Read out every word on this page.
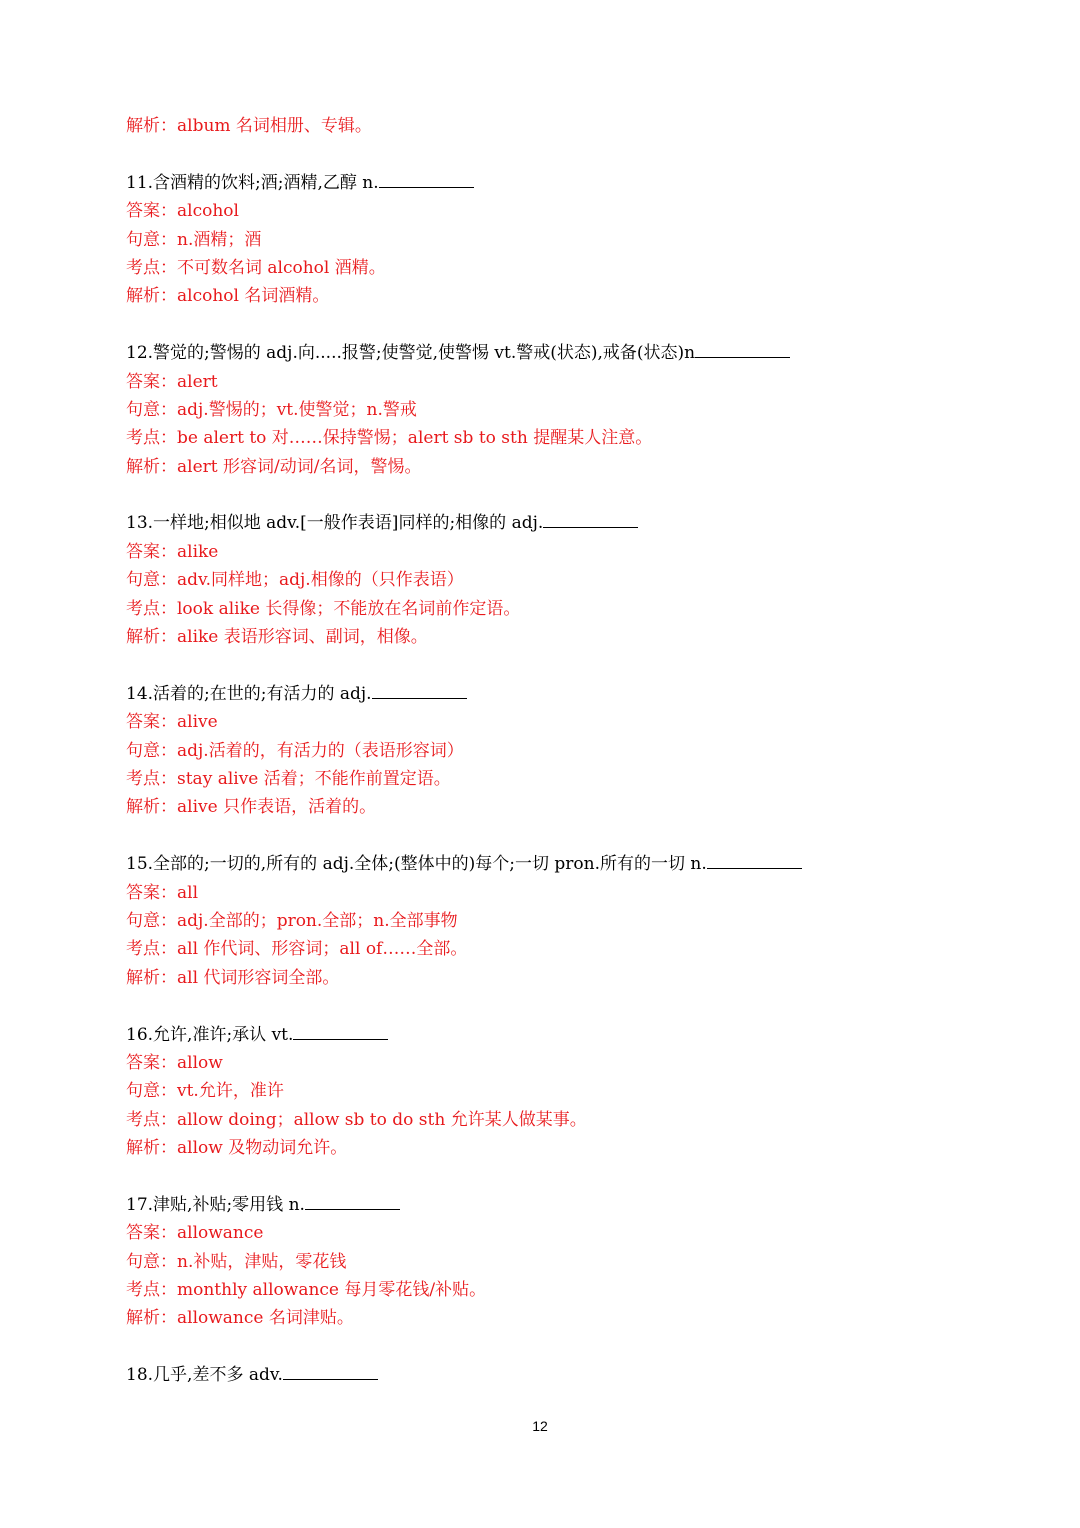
解析：album 名词相册、专辑。
11.含酒精的饮料;酒;酒精,乙醇 n.
答案：alcohol
句意：n.酒精；酒
考点：不可数名词 alcohol 酒精。
解析：alcohol 名词酒精。
12.警觉的;警惕的 adj.向.....报警;使警觉,使警惕 vt.警戒(状态),戒备(状态)n
答案：alert
句意：adj.警惕的；vt.使警觉；n.警戒
考点：be alert to 对……保持警惕；alert sb to sth 提醒某人注意。
解析：alert 形容词/动词/名词，警惕。
13.一样地;相似地 adv.[一般作表语]同样的;相像的 adj.
答案：alike
句意：adv.同样地；adj.相像的（只作表语）
考点：look alike 长得像；不能放在名词前作定语。
解析：alike 表语形容词、副词，相像。
14.活着的;在世的;有活力的 adj.
答案：alive
句意：adj.活着的，有活力的（表语形容词）
考点：stay alive 活着；不能作前置定语。
解析：alive 只作表语，活着的。
15.全部的;一切的,所有的 adj.全体;(整体中的)每个;一切 pron.所有的一切 n.
答案：all
句意：adj.全部的；pron.全部；n.全部事物
考点：all 作代词、形容词；all of……全部。
解析：all 代词形容词全部。
16.允许,准许;承认 vt.
答案：allow
句意：vt.允许，准许
考点：allow doing；allow sb to do sth 允许某人做某事。
解析：allow 及物动词允许。
17.津贴,补贴;零用钱 n.
答案：allowance
句意：n.补贴，津贴，零花钱
考点：monthly allowance 每月零花钱/补贴。
解析：allowance 名词津贴。
18.几乎,差不多 adv.
12
